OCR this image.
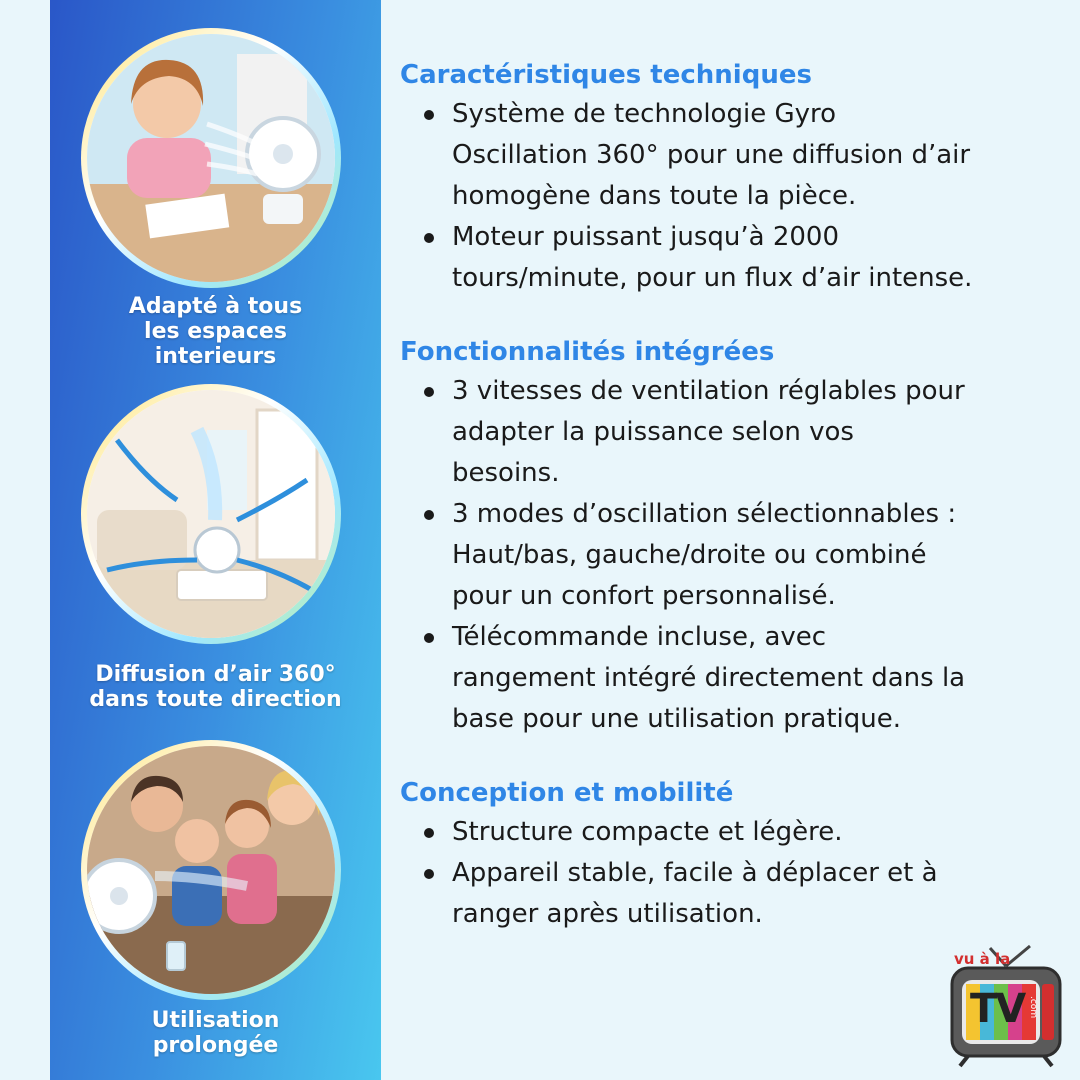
Adapté à tous
les espaces
interieurs
Diffusion d’air 360°
dans toute direction
Utilisation
prolongée
Caractéristiques techniques
Système de technologie Gyro
Oscillation 360° pour une diffusion d’air
homogène dans toute la pièce.
Moteur puissant jusqu’à 2000
tours/minute, pour un flux d’air intense.
Fonctionnalités intégrées
3 vitesses de ventilation réglables pour
adapter la puissance selon vos
besoins.
3 modes d’oscillation sélectionnables :
Haut/bas, gauche/droite ou combiné
pour un confort personnalisé.
Télécommande incluse, avec
rangement intégré directement dans la
base pour une utilisation pratique.
Conception et mobilité
Structure compacte et légère.
Appareil stable, facile à déplacer et à
ranger après utilisation.
vu à la
TV .com
